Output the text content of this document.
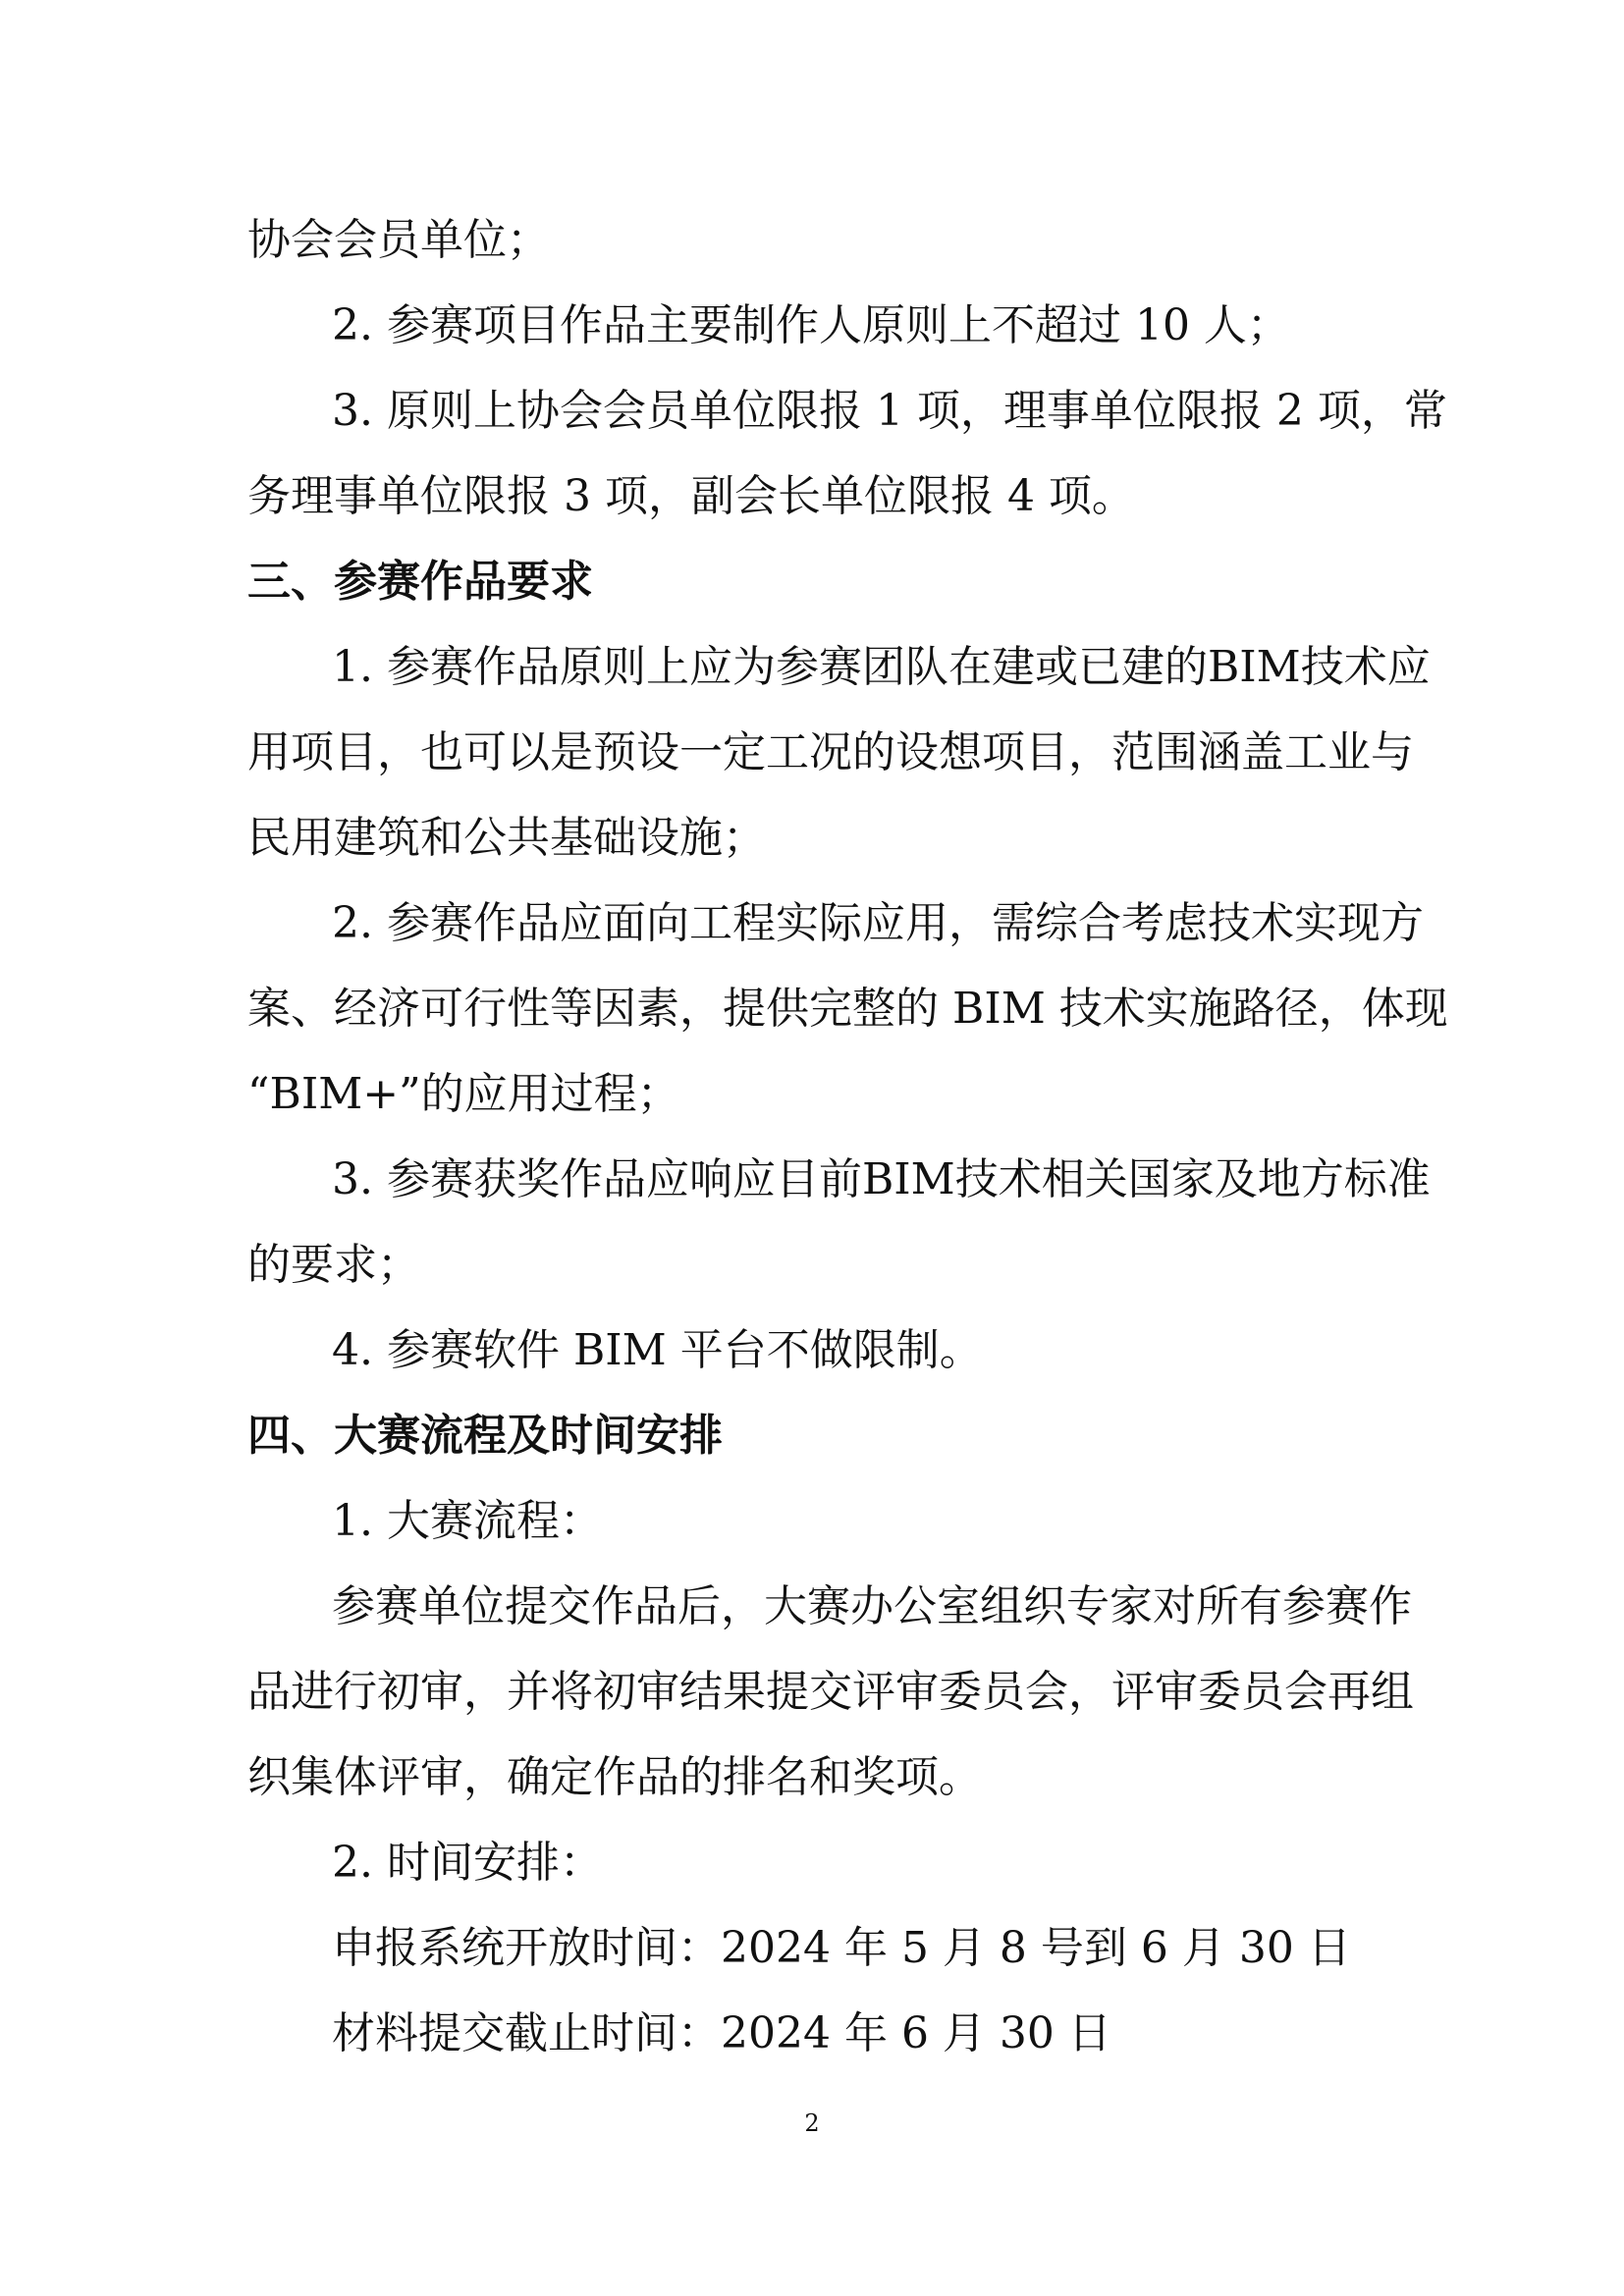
协会会员单位；
2. 参赛项目作品主要制作人原则上不超过 10 人；
3. 原则上协会会员单位限报 1 项，理事单位限报 2 项，常
务理事单位限报 3 项，副会长单位限报 4 项。
三、参赛作品要求
1. 参赛作品原则上应为参赛团队在建或已建的BIM技术应
用项目，也可以是预设一定工况的设想项目，范围涵盖工业与
民用建筑和公共基础设施；
2. 参赛作品应面向工程实际应用，需综合考虑技术实现方
案、经济可行性等因素，提供完整的 BIM 技术实施路径，体现
“BIM+”的应用过程；
3. 参赛获奖作品应响应目前BIM技术相关国家及地方标准
的要求；
4. 参赛软件 BIM 平台不做限制。
四、大赛流程及时间安排
1. 大赛流程：
参赛单位提交作品后，大赛办公室组织专家对所有参赛作
品进行初审，并将初审结果提交评审委员会，评审委员会再组
织集体评审，确定作品的排名和奖项。
2. 时间安排：
申报系统开放时间：2024 年 5 月 8 号到 6 月 30 日
材料提交截止时间：2024 年 6 月 30 日
2
